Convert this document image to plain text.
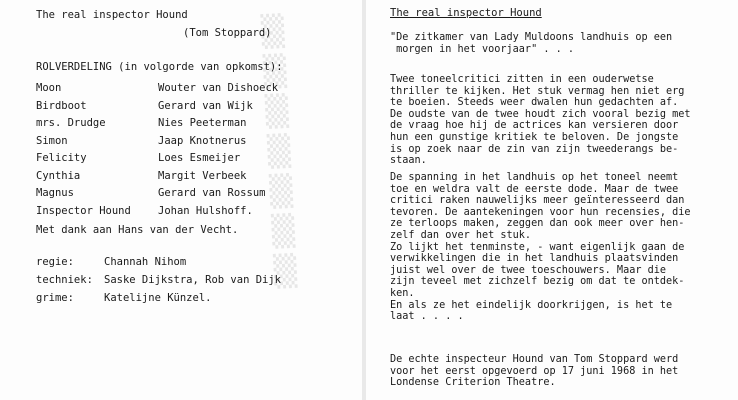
▒
▒
▒
▒
▒
▒
▒
The real inspector Hound
(Tom Stoppard)
ROLVERDELING (in volgorde van opkomst):
Moon	Wouter van Dishoeck
Birdboot	Gerard van Wijk
mrs. Drudge	Nies Peeterman
Simon	Jaap Knotnerus
Felicity	Loes Esmeijer
Cynthia	Margit Verbeek
Magnus	Gerard van Rossum
Inspector Hound	Johan Hulshoff.
Met dank aan Hans van der Vecht.
regie:	Channah Nihom
techniek: Saske Dijkstra, Rob van Dijk
grime:	Katelijne Künzel.
The real inspector Hound
"De zitkamer van Lady Muldoons landhuis op een
morgen in het voorjaar" . . .
Twee toneelcritici zitten in een ouderwetse
thriller te kijken. Het stuk vermag hen niet erg
te boeien. Steeds weer dwalen hun gedachten af.
De oudste van de twee houdt zich vooral bezig met
de vraag hoe hij de actrices kan versieren door
hun een gunstige kritiek te beloven. De jongste
is op zoek naar de zin van zijn tweederangs be-
staan.
De spanning in het landhuis op het toneel neemt
toe en weldra valt de eerste dode. Maar de twee
critici raken nauwelijks meer geïnteresseerd dan
tevoren. De aantekeningen voor hun recensies, die
ze terloops maken, zeggen dan ook meer over hen-
zelf dan over het stuk.
Zo lijkt het tenminste, - want eigenlijk gaan de
verwikkelingen die in het landhuis plaatsvinden
juist wel over de twee toeschouwers. Maar die
zijn teveel met zichzelf bezig om dat te ontdek-
ken.
En als ze het eindelijk doorkrijgen, is het te
laat . . . .
De echte inspecteur Hound van Tom Stoppard werd
voor het eerst opgevoerd op 17 juni 1968 in het
Londense Criterion Theatre.
